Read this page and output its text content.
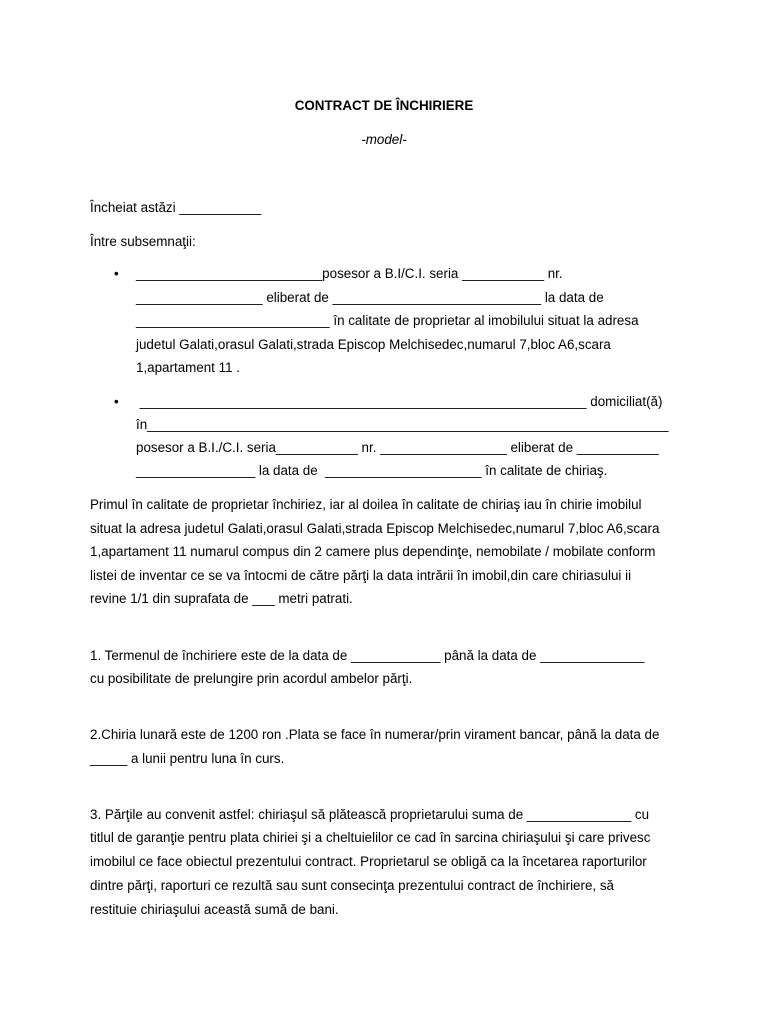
CONTRACT DE ÎNCHIRIERE
-model-
Încheiat astăzi ___________
Între subsemnaţii:
• _________________________posesor a B.I/C.I. seria ___________ nr.
_________________ eliberat de ____________________________ la data de
__________________________ în calitate de proprietar al imobilului situat la adresa
judetul Galati,orasul Galati,strada Episcop Melchisedec,numarul 7,bloc A6,scara
1,apartament 11 .
• ____________________________________________________________ domiciliat(ă)
în______________________________________________________________________
posesor a B.I./C.I. seria___________ nr. _________________ eliberat de ___________
________________ la data de  _____________________ în calitate de chiriaş.
Primul în calitate de proprietar închiriez, iar al doilea în calitate de chiriaş iau în chirie imobilul
situat la adresa judetul Galati,orasul Galati,strada Episcop Melchisedec,numarul 7,bloc A6,scara
1,apartament 11 numarul compus din 2 camere plus dependinţe, nemobilate / mobilate conform
listei de inventar ce se va întocmi de către părţi la data intrării în imobil,din care chiriasului ii
revine 1/1 din suprafata de ___ metri patrati.
1. Termenul de închiriere este de la data de ____________ până la data de ______________
cu posibilitate de prelungire prin acordul ambelor părţi.
2.Chiria lunară este de 1200 ron .Plata se face în numerar/prin virament bancar, până la data de
_____ a lunii pentru luna în curs.
3. Părţile au convenit astfel: chiriaşul să plătească proprietarului suma de ______________ cu
titlul de garanţie pentru plata chiriei şi a cheltuielilor ce cad în sarcina chiriaşului şi care privesc
imobilul ce face obiectul prezentului contract. Proprietarul se obligă ca la încetarea raporturilor
dintre părţi, raporturi ce rezultă sau sunt consecinţa prezentului contract de închiriere, să
restituie chiriaşului această sumă de bani.
